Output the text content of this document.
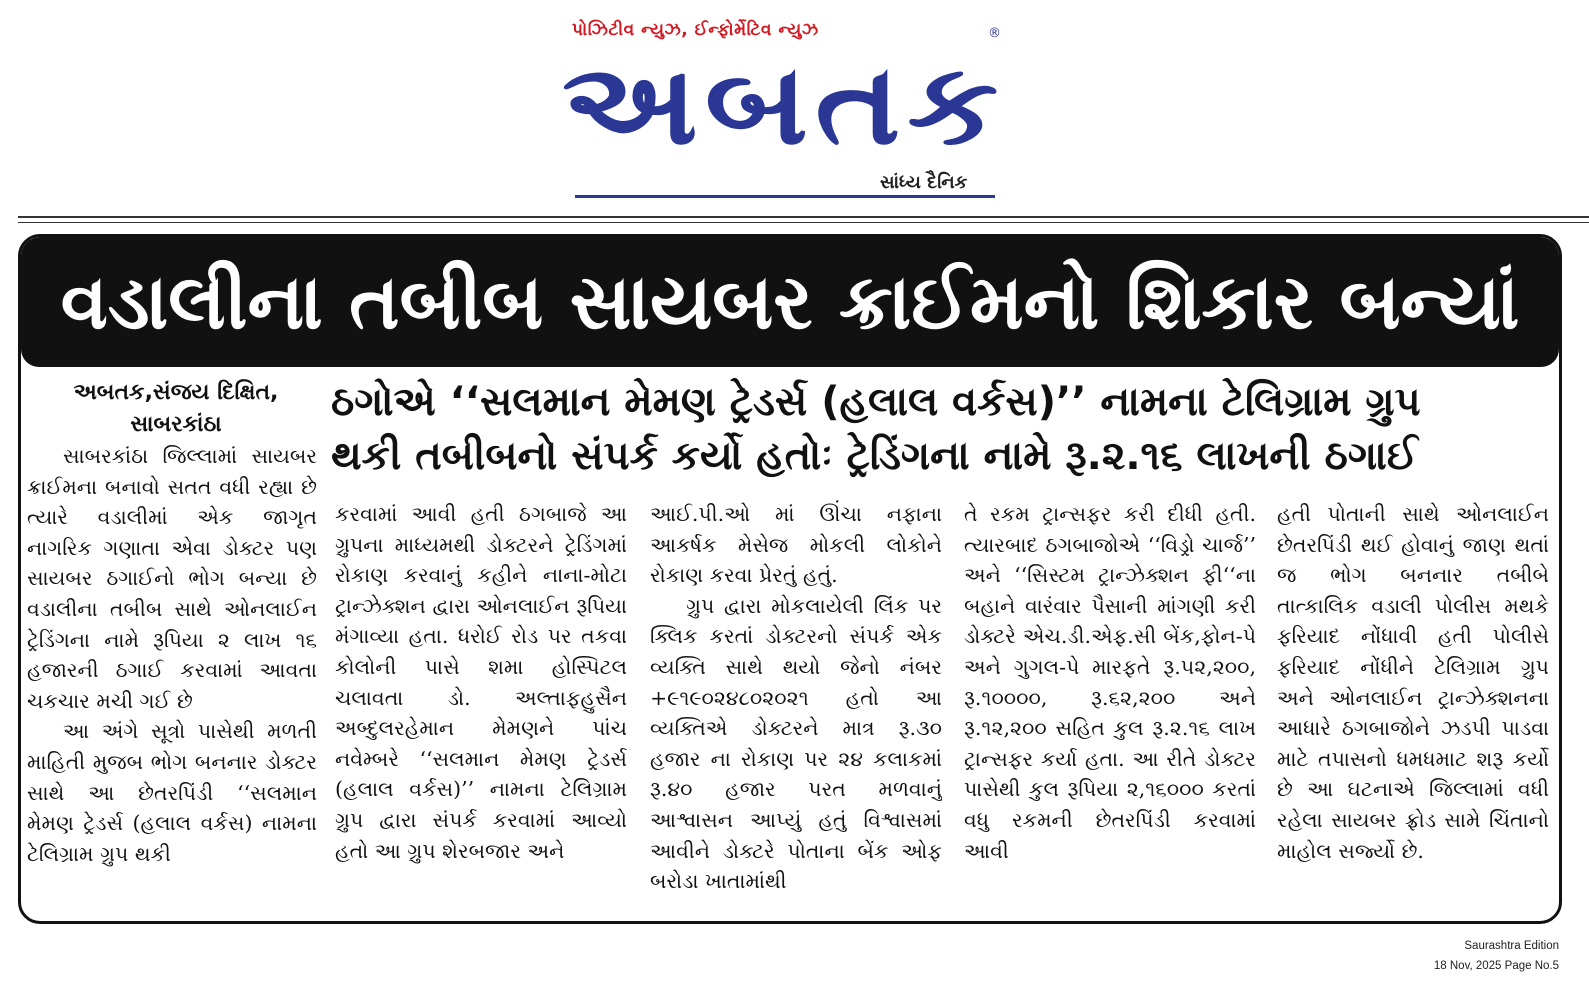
પોઝિટીવ ન્યુઝ, ઈન્ફોર્મેટિવ ન્યુઝ
અબતક
®
સાંધ્ય દૈનિક
વડાલીના તબીબ સાયબર ક્રાઈમનો શિકાર બન્યાં
અબતક,સંજય દિક્ષિત, સાબરકાંઠા	ઠગોએ ‘‘સલમાન મેમણ ટ્રેડર્સ (હલાલ વર્કસ)’’ નામના ટેલિગ્રામ ગ્રુપ
થકી તબીબનો સંપર્ક કર્યો હતોઃ ટ્રેડિંગના નામે રૂ.૨.૧૬ લાખની ઠગાઈ

સાબરકાંઠા જિલ્લામાં સાયબર ક્રાઈમના બનાવો સતત વધી રહ્યા છે ત્યારે વડાલીમાં એક જાગૃત નાગરિક ગણાતા એવા ડોક્ટર પણ સાયબર ઠગાઈનો ભોગ બન્યા છે વડાલીના તબીબ સાથે ઓનલાઈન ટ્રેડિંગના નામે રૂપિયા ૨ લાખ ૧૬ હજારની ઠગાઈ કરવામાં આવતા ચકચાર મચી ગઈ છે

આ અંગે સૂત્રો પાસેથી મળતી માહિતી મુજબ ભોગ બનનાર ડોક્ટર સાથે આ છેતરપિંડી ‘‘સલમાન મેમણ ટ્રેડર્સ (હલાલ વર્કસ) નામના ટેલિગ્રામ ગ્રુપ થકી

કરવામાં આવી હતી ઠગબાજે આ ગ્રુપના માધ્યમથી ડોક્ટરને ટ્રેડિંગમાં રોકાણ કરવાનું કહીને નાના-મોટા ટ્રાન્ઝેક્શન દ્વારા ઓનલાઈન રૂપિયા મંગાવ્યા હતા. ધરોઈ રોડ પર તકવા કોલોની પાસે શમા હોસ્પિટલ ચલાવતા ડો. અલ્તાફહુસૈન અબ્દુલરહેમાન મેમણને પાંચ નવેમ્બરે ‘‘સલમાન મેમણ ટ્રેડર્સ (હલાલ વર્કસ)’’ નામના ટેલિગ્રામ ગ્રુપ દ્વારા સંપર્ક કરવામાં આવ્યો હતો આ ગ્રુપ શેરબજાર અને

આઈ.પી.ઓ માં ઊંચા નફાના આકર્ષક મેસેજ મોકલી લોકોને રોકાણ કરવા પ્રેરતું હતું.

ગ્રુપ દ્વારા મોકલાયેલી લિંક પર ક્લિક કરતાં ડોક્ટરનો સંપર્ક એક વ્યક્તિ સાથે થયો જેનો નંબર +૯૧૯૦૨૪૮૦૨૦૨૧ હતો આ વ્યક્તિએ ડોક્ટરને માત્ર રૂ.૩૦ હજાર ના રોકાણ પર ૨૪ કલાકમાં રૂ.૪૦ હજાર પરત મળવાનું આશ્વાસન આપ્યું હતું વિશ્વાસમાં આવીને ડોક્ટરે પોતાના બેંક ઓફ બરોડા ખાતામાંથી

તે રકમ ટ્રાન્સફર કરી દીધી હતી. ત્યારબાદ ઠગબાજોએ ‘‘વિડ્રો ચાર્જ’’ અને ‘‘સિસ્ટમ ટ્રાન્ઝેક્શન ફી‘‘ના બહાને વારંવાર પૈસાની માંગણી કરી ડોક્ટરે એચ.ડી.એફ.સી બેંક,ફોન-પે અને ગુગલ-પે મારફતે રૂ.૫૨,૨૦૦, રૂ.૧૦૦૦૦, રૂ.૬૨,૨૦૦ અને રૂ.૧૨,૨૦૦ સહિત કુલ રૂ.૨.૧૬ લાખ ટ્રાન્સફર કર્યા હતા. આ રીતે ડોક્ટર પાસેથી કુલ રૂપિયા ૨,૧૬૦૦૦ કરતાં વધુ રકમની છેતરપિંડી કરવામાં આવી

હતી પોતાની સાથે ઓનલાઈન છેતરપિંડી થઈ હોવાનું જાણ થતાં જ ભોગ બનનાર તબીબે તાત્કાલિક વડાલી પોલીસ મથકે ફરિયાદ નોંધાવી હતી પોલીસે ફરિયાદ નોંધીને ટેલિગ્રામ ગ્રુપ અને ઓનલાઈન ટ્રાન્ઝેક્શનના આધારે ઠગબાજોને ઝડપી પાડવા માટે તપાસનો ધમધમાટ શરૂ કર્યો છે આ ઘટનાએ જિલ્લામાં વધી રહેલા સાયબર ફ્રોડ સામે ચિંતાનો માહોલ સર્જ્યો છે.

Saurashtra Edition
18 Nov, 2025 Page No.5
